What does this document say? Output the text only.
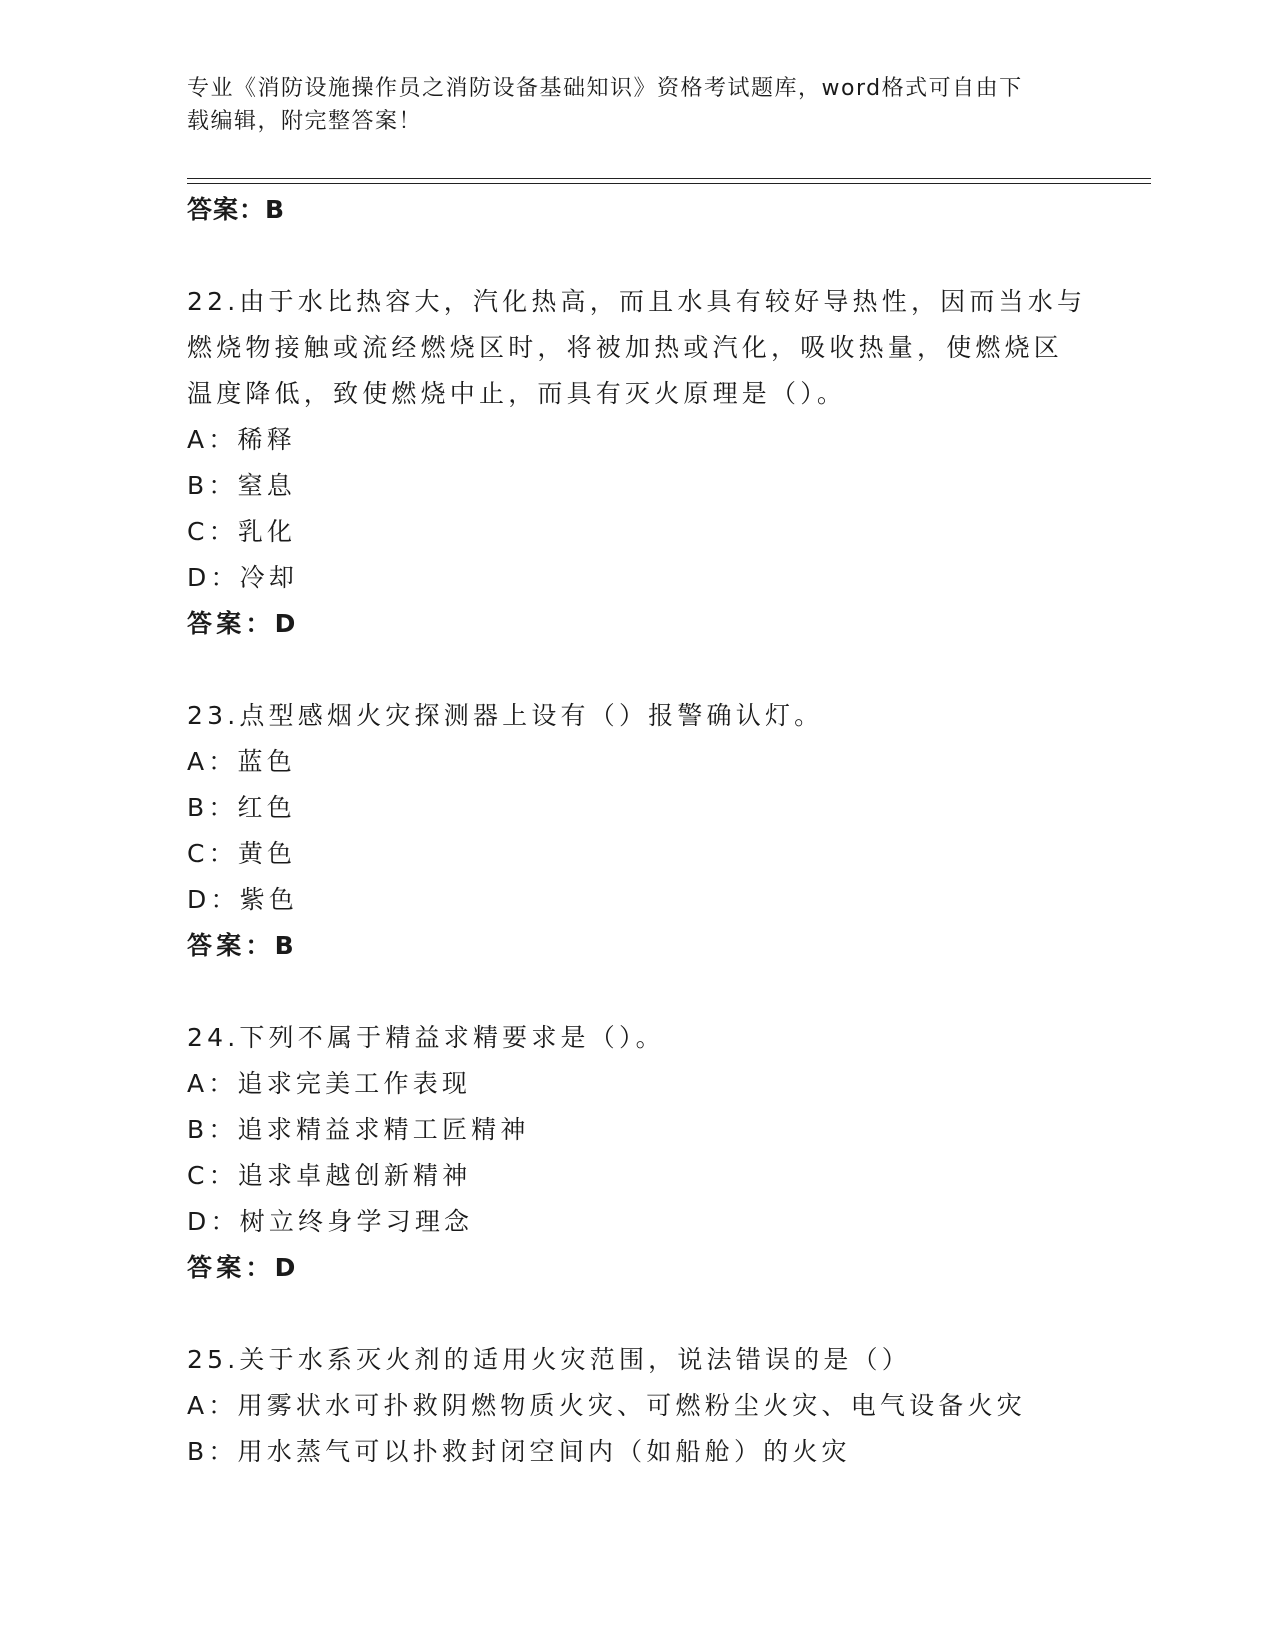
专业《消防设施操作员之消防设备基础知识》资格考试题库，word格式可自由下
载编辑，附完整答案！
答案：B
22.由于水比热容大，汽化热高，而且水具有较好导热性，因而当水与
燃烧物接触或流经燃烧区时，将被加热或汽化，吸收热量，使燃烧区
温度降低，致使燃烧中止，而具有灭火原理是（）。
A：稀释
B：窒息
C：乳化
D：冷却
答案：D
23.点型感烟火灾探测器上设有（）报警确认灯。
A：蓝色
B：红色
C：黄色
D：紫色
答案：B
24.下列不属于精益求精要求是（）。
A：追求完美工作表现
B：追求精益求精工匠精神
C：追求卓越创新精神
D：树立终身学习理念
答案：D
25.关于水系灭火剂的适用火灾范围，说法错误的是（）
A：用雾状水可扑救阴燃物质火灾、可燃粉尘火灾、电气设备火灾
B：用水蒸气可以扑救封闭空间内（如船舱）的火灾
